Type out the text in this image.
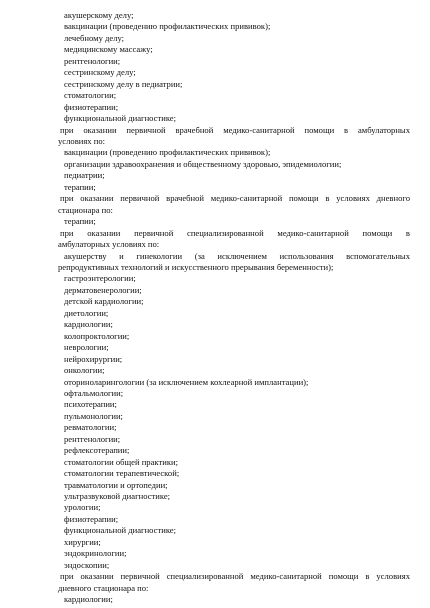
акушерскому делу;
вакцинации (проведению профилактических прививок);
лечебному делу;
медицинскому массажу;
рентгенологии;
сестринскому делу;
сестринскому делу в педиатрии;
стоматологии;
физиотерапии;
функциональной диагностике;
при оказании первичной врачебной медико-санитарной помощи в амбулаторных
условиях по:
вакцинации (проведению профилактических прививок);
организации здравоохранения и общественному здоровью, эпидемиологии;
педиатрии;
терапии;
при оказании первичной врачебной медико-санитарной помощи в условиях дневного
стационара по:
терапии;
при оказании первичной специализированной медико-санитарной помощи в
амбулаторных условиях по:
акушерству и гинекологии (за исключением использования вспомогательных
репродуктивных технологий и искусственного прерывания беременности);
гастроэнтерологии;
дерматовенерологии;
детской кардиологии;
диетологии;
кардиологии;
колопроктологии;
неврологии;
нейрохирургии;
онкологии;
оториноларингологии (за исключением кохлеарной имплантации);
офтальмологии;
психотерапии;
пульмонологии;
ревматологии;
рентгенологии;
рефлексотерапии;
стоматологии общей практики;
стоматологии терапевтической;
травматологии и ортопедии;
ультразвуковой диагностике;
урологии;
физиотерапии;
функциональной диагностике;
хирургии;
эндокринологии;
эндоскопии;
при оказании первичной специализированной медико-санитарной помощи в условиях
дневного стационара по:
кардиологии;
